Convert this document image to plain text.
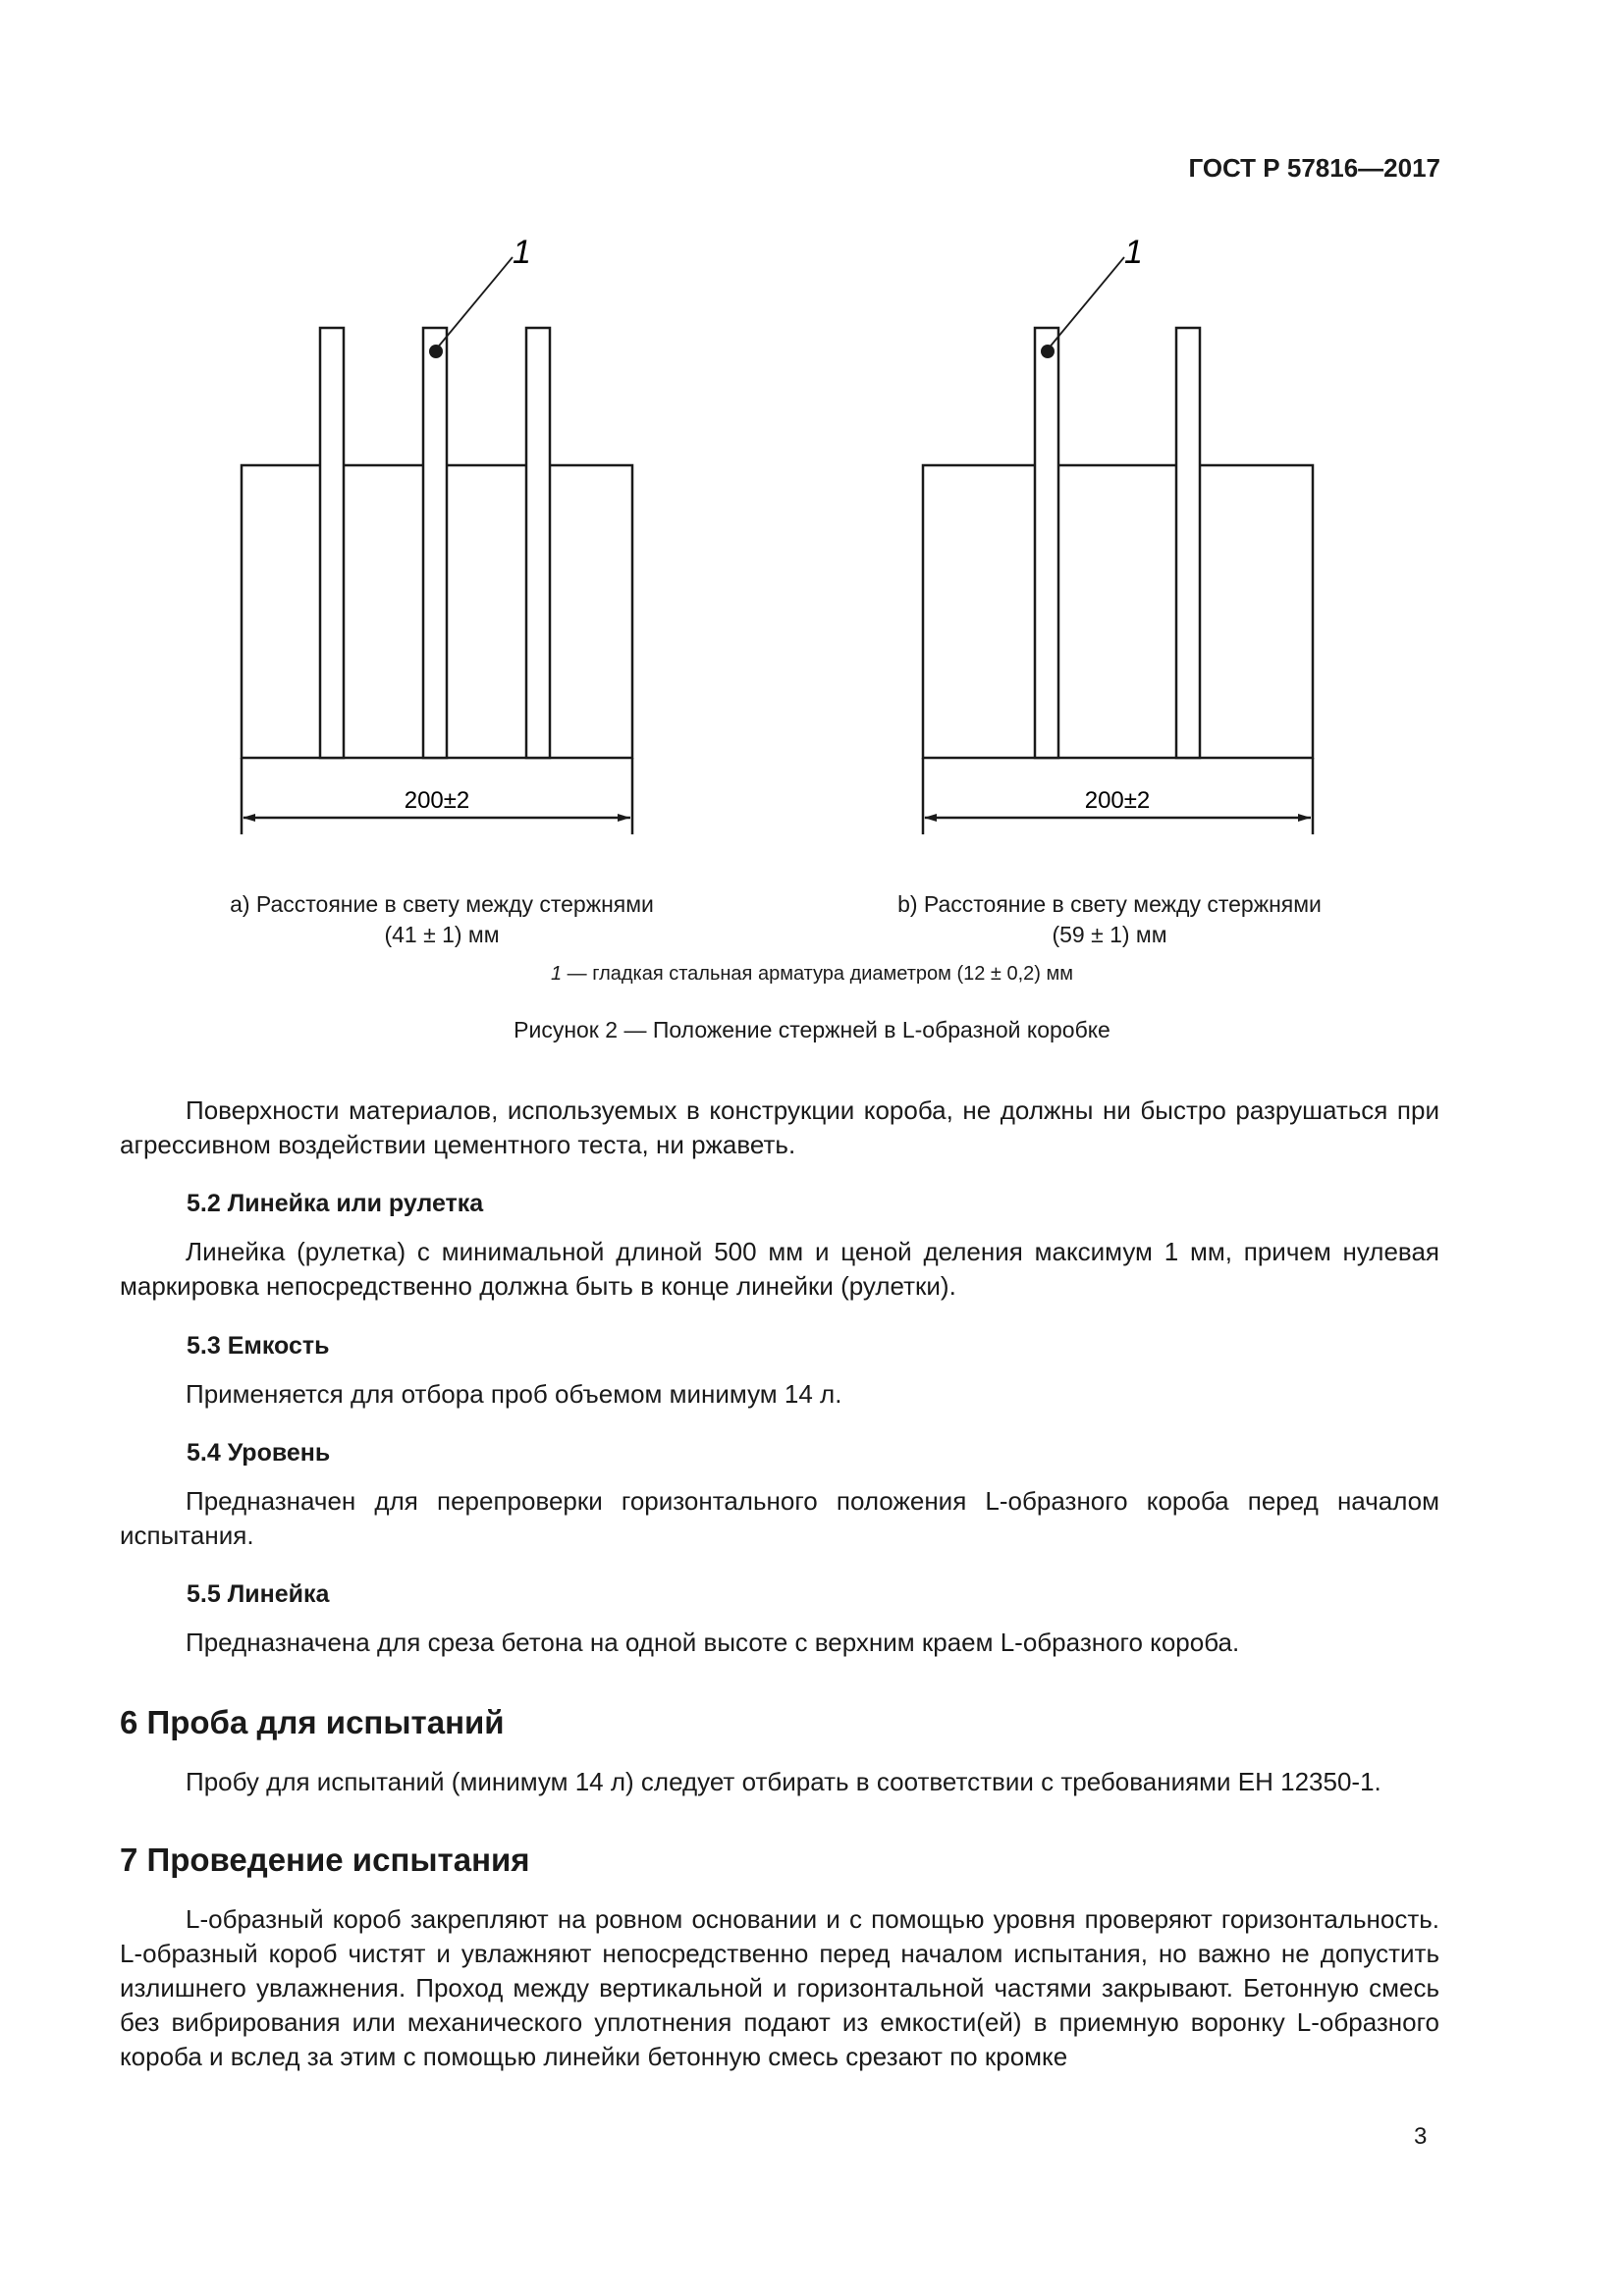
ГОСТ Р 57816—2017
1
200±2
1
200±2
а) Расстояние в свету между стержнями
(41 ± 1) мм
b) Расстояние в свету между стержнями
(59 ± 1) мм
1 — гладкая стальная арматура диаметром (12 ± 0,2) мм
Рисунок 2 — Положение стержней в L-образной коробке
Поверхности материалов, используемых в конструкции короба, не должны ни быстро разрушаться при агрессивном воздействии цементного теста, ни ржаветь.
5.2 Линейка или рулетка
Линейка (рулетка) с минимальной длиной 500 мм и ценой деления максимум 1 мм, причем нулевая маркировка непосредственно должна быть в конце линейки (рулетки).
5.3 Емкость
Применяется для отбора проб объемом минимум 14 л.
5.4 Уровень
Предназначен для перепроверки горизонтального положения L-образного короба перед началом испытания.
5.5 Линейка
Предназначена для среза бетона на одной высоте с верхним краем L-образного короба.
6 Проба для испытаний
Пробу для испытаний (минимум 14 л) следует отбирать в соответствии с требованиями ЕН 12350-1.
7 Проведение испытания
L-образный короб закрепляют на ровном основании и с помощью уровня проверяют горизонтальность. L-образный короб чистят и увлажняют непосредственно перед началом испытания, но важно не допустить излишнего увлажнения. Проход между вертикальной и горизонтальной частями закрывают. Бетонную смесь без вибрирования или механического уплотнения подают из емкости(ей) в приемную воронку L-образного короба и вслед за этим с помощью линейки бетонную смесь срезают по кромке
3
